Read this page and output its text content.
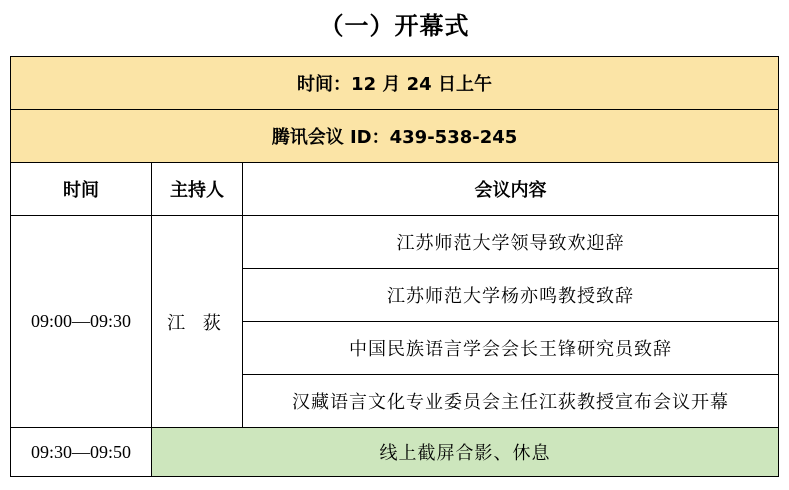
（一）开幕式
时间：12 月 24 日上午		
腾讯会议 ID：439-538-245		
时间	主持人	会议内容
09:00—09:30	江 荻	江苏师范大学领导致欢迎辞
		江苏师范大学杨亦鸣教授致辞
		中国民族语言学会会长王锋研究员致辞
		汉藏语言文化专业委员会主任江荻教授宣布会议开幕
09:30—09:50	线上截屏合影、休息	
